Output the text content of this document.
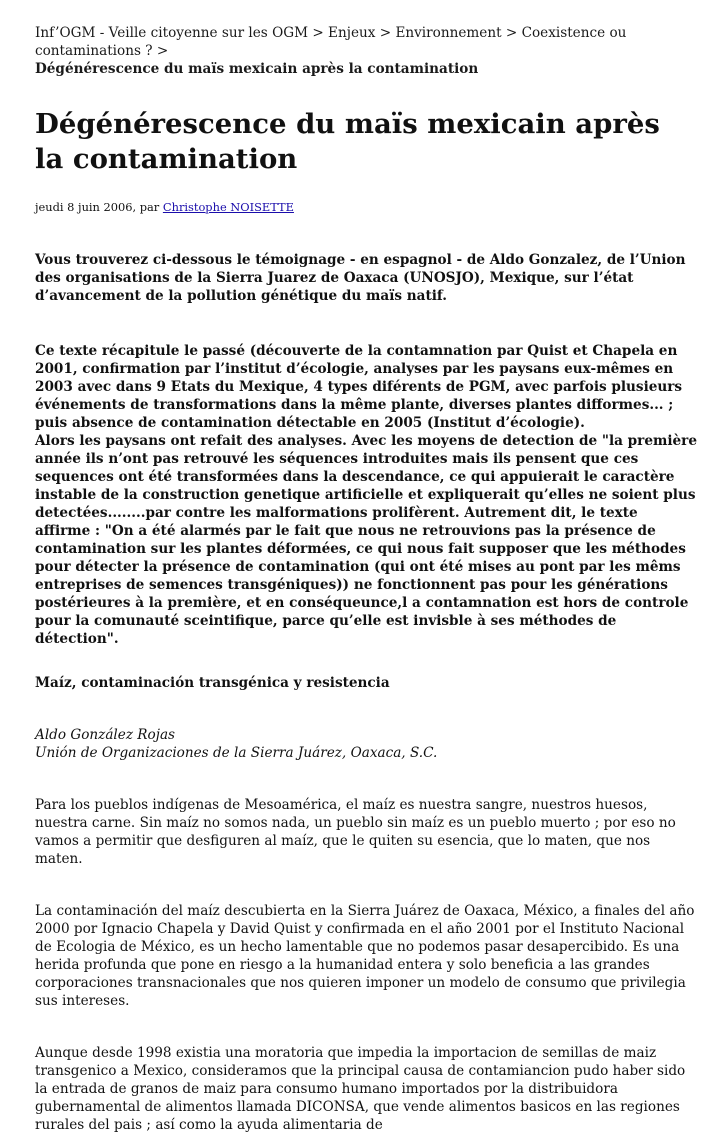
Inf’OGM - Veille citoyenne sur les OGM > Enjeux > Environnement > Coexistence ou contaminations ? >
Dégénérescence du maïs mexicain après la contamination
Dégénérescence du maïs mexicain après la contamination
jeudi 8 juin 2006, par Christophe NOISETTE
Vous trouverez ci-dessous le témoignage - en espagnol - de Aldo Gonzalez, de l’Union des organisations de la Sierra Juarez de Oaxaca (UNOSJO), Mexique, sur l’état d’avancement de la pollution génétique du maïs natif.

Ce texte récapitule le passé (découverte de la contamnation par Quist et Chapela en 2001, confirmation par l’institut d’écologie, analyses par les paysans eux-mêmes en 2003 avec dans 9 Etats du Mexique, 4 types diférents de PGM, avec parfois plusieurs événements de transformations dans la même plante, diverses plantes difformes... ; puis absence de contamination détectable en 2005 (Institut d’écologie).

Alors les paysans ont refait des analyses. Avec les moyens de detection de "la première année ils n’ont pas retrouvé les séquences introduites mais ils pensent que ces sequences ont été transformées dans la descendance, ce qui appuierait le caractère instable de la construction genetique artificielle et expliquerait qu’elles ne soient plus detectées........par contre les malformations prolifèrent. Autrement dit, le texte affirme : "On a été alarmés par le fait que nous ne retrouvions pas la présence de contamination sur les plantes déformées, ce qui nous fait supposer que les méthodes pour détecter la présence de contamination (qui ont été mises au pont par les mêms entreprises de semences transgéniques)) ne fonctionnent pas pour les générations postérieures à la première, et en conséqueunce,l a contamnation est hors de controle pour la comunauté sceintifique, parce qu’elle est invisble à ses méthodes de détection".

Maíz, contaminación transgénica y resistencia
Aldo González Rojas
Unión de Organizaciones de la Sierra Juárez, Oaxaca, S.C.

Para los pueblos indígenas de Mesoamérica, el maíz es nuestra sangre, nuestros huesos, nuestra carne. Sin maíz no somos nada, un pueblo sin maíz es un pueblo muerto ; por eso no vamos a permitir que desfiguren al maíz, que le quiten su esencia, que lo maten, que nos maten.

La contaminación del maíz descubierta en la Sierra Juárez de Oaxaca, México, a finales del año 2000 por Ignacio Chapela y David Quist y confirmada en el año 2001 por el Instituto Nacional de Ecologia de México, es un hecho lamentable que no podemos pasar desapercibido. Es una herida profunda que pone en riesgo a la humanidad entera y solo beneficia a las grandes corporaciones transnacionales que nos quieren imponer un modelo de consumo que privilegia sus intereses.

Aunque desde 1998 existia una moratoria que impedia la importacion de semillas de maiz transgenico a Mexico, consideramos que la principal causa de contamiancion pudo haber sido la entrada de granos de maiz para consumo humano importados por la distribuidora gubernamental de alimentos llamada DICONSA, que vende alimentos basicos en las regiones rurales del pais ; así como la ayuda alimentaria de
